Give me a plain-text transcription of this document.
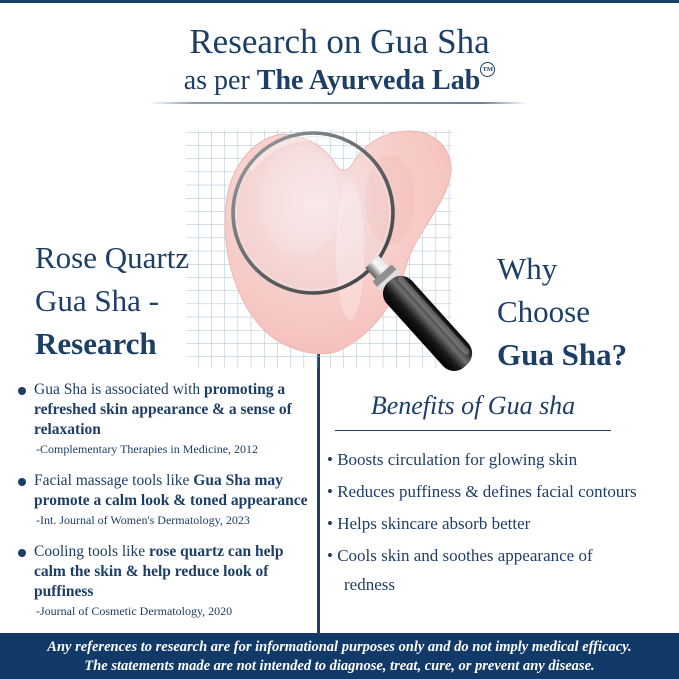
Research on Gua Sha
as per The Ayurveda Lab ™
Rose Quartz
Gua Sha -
Research
Why
Choose
Gua Sha?

Gua Sha is associated with promoting a refreshed skin appearance & a sense of relaxation

-Complementary Therapies in Medicine, 2012

Facial massage tools like Gua Sha may promote a calm look & toned appearance

-Int. Journal of Women's Dermatology, 2023

Cooling tools like rose quartz can help calm the skin & help reduce look of puffiness

-Journal of Cosmetic Dermatology, 2020

Benefits of Gua sha
• Boosts circulation for glowing skin
• Reduces puffiness & defines facial contours
• Helps skincare absorb better
• Cools skin and soothes appearance of redness
Any references to research are for informational purposes only and do not imply medical efficacy.
The statements made are not intended to diagnose, treat, cure, or prevent any disease.
